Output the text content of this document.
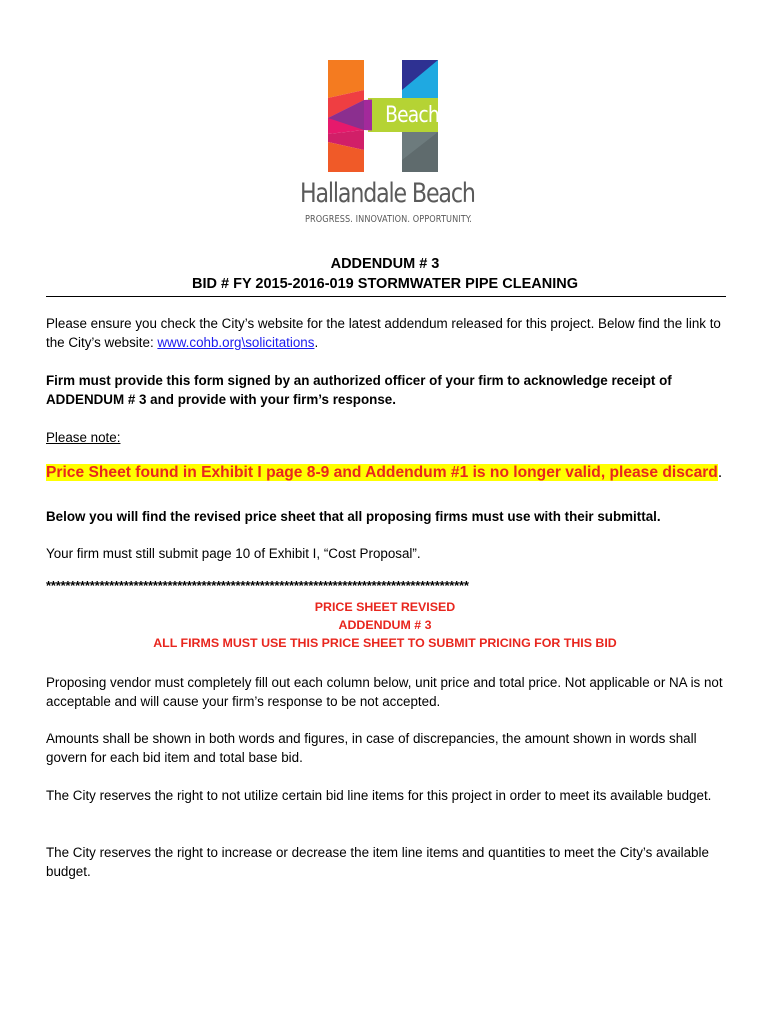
Beach
Hallandale Beach
PROGRESS. INNOVATION. OPPORTUNITY.
ADDENDUM # 3
BID # FY 2015-2016-019 STORMWATER PIPE CLEANING
Please ensure you check the City’s website for the latest addendum released for this project. Below find the link to the City’s website: www.cohb.org\solicitations.
Firm must provide this form signed by an authorized officer of your firm to acknowledge receipt of ADDENDUM # 3 and provide with your firm’s response.
Please note:
Price Sheet found in Exhibit I page 8-9 and Addendum #1 is no longer valid, please discard.
Below you will find the revised price sheet that all proposing firms must use with their submittal.
Your firm must still submit page 10 of Exhibit I, “Cost Proposal”.
***************************************************************************************
PRICE SHEET REVISED
ADDENDUM # 3
ALL FIRMS MUST USE THIS PRICE SHEET TO SUBMIT PRICING FOR THIS BID
Proposing vendor must completely fill out each column below, unit price and total price. Not applicable or NA is not acceptable and will cause your firm’s response to be not accepted.
Amounts shall be shown in both words and figures, in case of discrepancies, the amount shown in words shall govern for each bid item and total base bid.
The City reserves the right to not utilize certain bid line items for this project in order to meet its available budget.
The City reserves the right to increase or decrease the item line items and quantities to meet the City’s available budget.
